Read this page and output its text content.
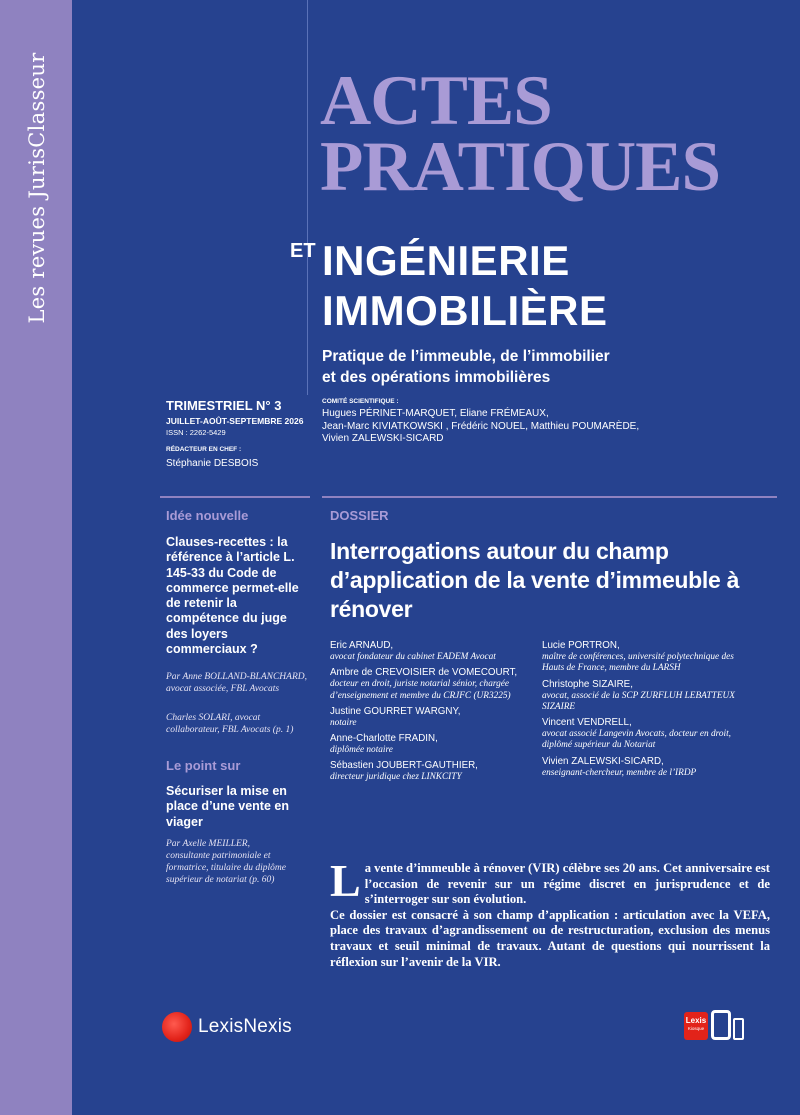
Les revues JurisClasseur	ACTES
PRATIQUES
ET INGÉNIERIE
IMMOBILIÈRE
Pratique de l’immeuble, de l’immobilier
et des opérations immobilières
TRIMESTRIEL N° 3
JUILLET-AOÛT-SEPTEMBRE 2026
ISSN : 2262-5429
RÉDACTEUR EN CHEF :
Stéphanie DESBOIS
COMITÉ SCIENTIFIQUE :
Hugues PÉRINET-MARQUET, Eliane FRÉMEAUX,
Jean-Marc KIVIATKOWSKI , Frédéric NOUEL, Matthieu POUMARÈDE,
Vivien ZALEWSKI-SICARD
Idée nouvelle
Clauses-recettes : la référence à l’article L. 145-33 du Code de commerce permet-elle de retenir la compétence du juge des loyers commerciaux ?
Par Anne BOLLAND-BLANCHARD, avocat associée, FBL Avocats
Charles SOLARI, avocat collaborateur, FBL Avocats (p. 1)
Le point sur
Sécuriser la mise en place d’une vente en viager
Par Axelle MEILLER, consultante patrimoniale et formatrice, titulaire du diplôme supérieur de notariat (p. 60)
DOSSIER
Interrogations autour du champ d’application de la vente d’immeuble à rénover
Eric ARNAUD,
avocat fondateur du cabinet EADEM Avocat
Ambre de CREVOISIER de VOMECOURT,
docteur en droit, juriste notarial sénior, chargée d’enseignement et membre du CRJFC (UR3225)
Justine GOURRET WARGNY,
notaire
Anne-Charlotte FRADIN,
diplômée notaire
Sébastien JOUBERT-GAUTHIER,
directeur juridique chez LINKCITY
Lucie PORTRON,
maître de conférences, université polytechnique des Hauts de France, membre du LARSH
Christophe SIZAIRE,
avocat, associé de la SCP ZURFLUH LEBATTEUX SIZAIRE
Vincent VENDRELL,
avocat associé Langevin Avocats, docteur en droit, diplômé supérieur du Notariat
Vivien ZALEWSKI-SICARD,
enseignant-chercheur, membre de l’IRDP
La vente d’immeuble à rénover (VIR) célèbre ses 20 ans. Cet anniversaire est l’occasion de revenir sur un régime discret en jurisprudence et de s’interroger sur son évolution.
Ce dossier est consacré à son champ d’application : articulation avec la VEFA, place des travaux d’agrandissement ou de restructuration, exclusion des menus travaux et seuil minimal de travaux. Autant de questions qui nourrissent la réflexion sur l’avenir de la VIR.
LexisNexis	Lexis
Kiosque
